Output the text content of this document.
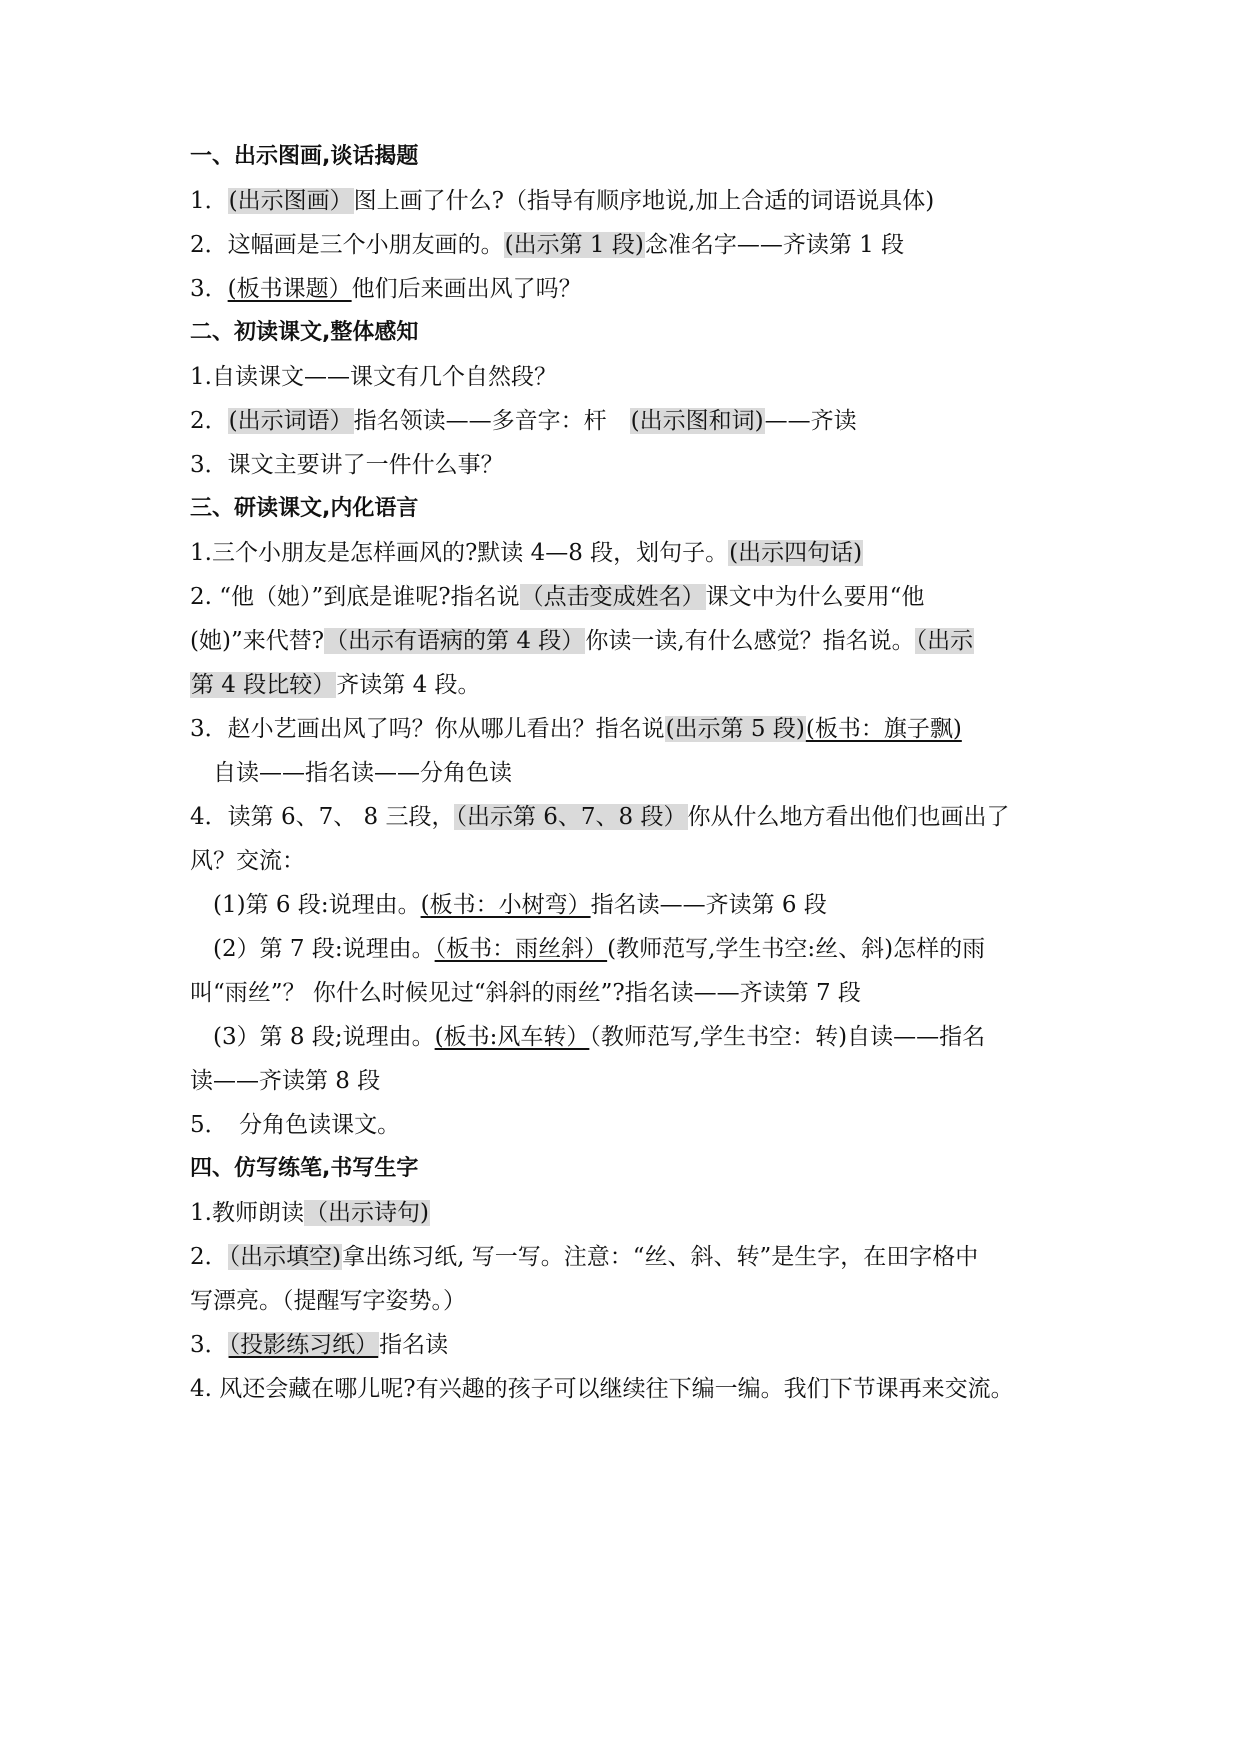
一、出示图画,谈话揭题
1．(出示图画）图上画了什么?（指导有顺序地说,加上合适的词语说具体)
2．这幅画是三个小朋友画的。(出示第 1 段)念准名字——齐读第 1 段
3．(板书课题）他们后来画出风了吗？
二、初读课文,整体感知
1.自读课文——课文有几个自然段？
2．(出示词语）指名领读——多音字：杆　(出示图和词)——齐读
3．课文主要讲了一件什么事？
三、研读课文,内化语言
1.三个小朋友是怎样画风的?默读 4—8 段，划句子。(出示四句话)
2. “他（她）”到底是谁呢?指名说（点击变成姓名）课文中为什么要用“他
(她)”来代替?（出示有语病的第 4 段）你读一读,有什么感觉？指名说。（出示
第 4 段比较）齐读第 4 段。
3．赵小艺画出风了吗？你从哪儿看出？指名说(出示第 5 段)(板书：旗子飘)
　自读——指名读——分角色读
4．读第 6、7、 8 三段，（出示第 6、7、8 段）你从什么地方看出他们也画出了
风？交流：
　(1)第 6 段:说理由。(板书：小树弯）指名读——齐读第 6 段
　(2）第 7 段:说理由。（板书：雨丝斜）(教师范写,学生书空:丝、斜)怎样的雨
叫“雨丝”？ 你什么时候见过“斜斜的雨丝”?指名读——齐读第 7 段
　(3）第 8 段;说理由。(板书:风车转）（教师范写,学生书空：转)自读——指名
读——齐读第 8 段
5．　分角色读课文。
四、仿写练笔,书写生字
1.教师朗读（出示诗句)
2．（出示填空)拿出练习纸, 写一写。注意：“丝、斜、转”是生字，在田字格中
写漂亮。（提醒写字姿势。）
3．（投影练习纸）指名读
4. 风还会藏在哪儿呢?有兴趣的孩子可以继续往下编一编。我们下节课再来交流。
